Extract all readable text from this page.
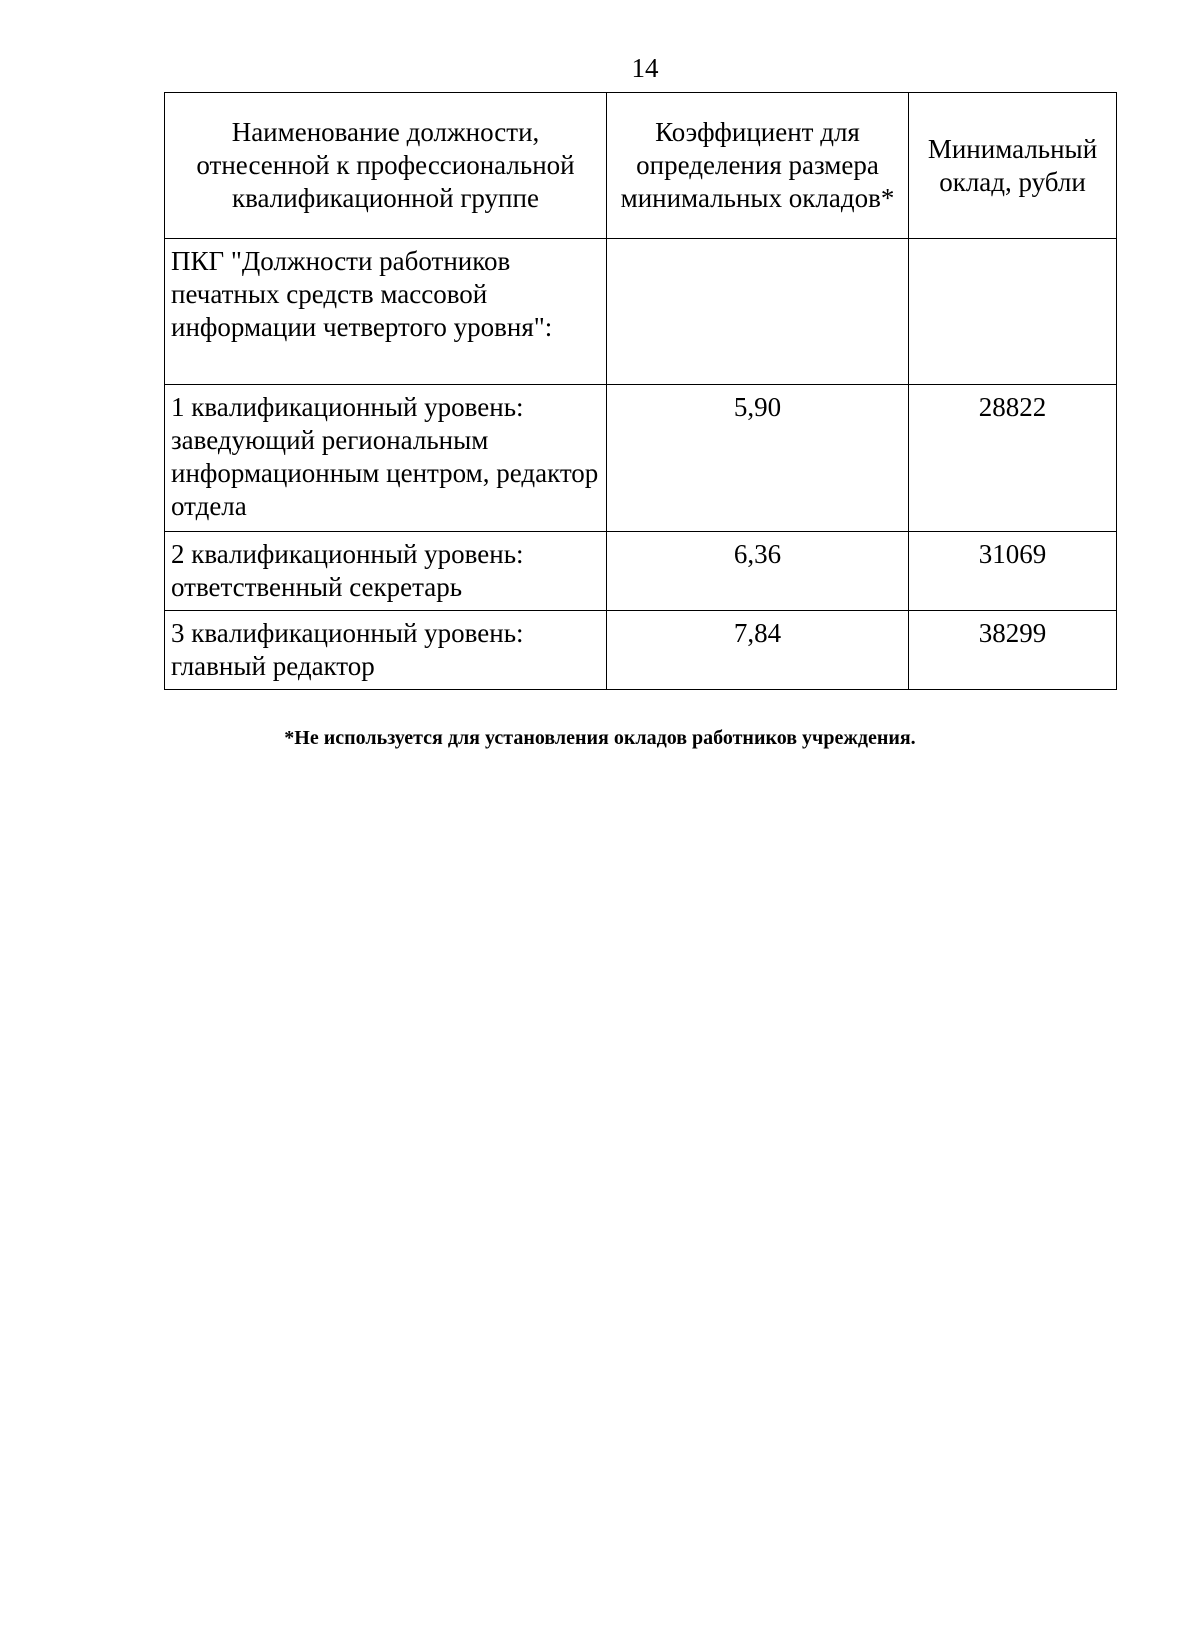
14
Наименование должности, отнесенной к профессиональной квалификационной группе	Коэффициент для определения размера минимальных окладов*	Минимальный оклад, рубли

ПКГ "Должности работников печатных средств массовой информации четвертого уровня":		

1 квалификационный уровень: заведующий региональным информационным центром, редактор отдела	5,90	28822

2 квалификационный уровень: ответственный секретарь	6,36	31069

3 квалификационный уровень: главный редактор	7,84	38299
*Не используется для установления окладов работников учреждения.
